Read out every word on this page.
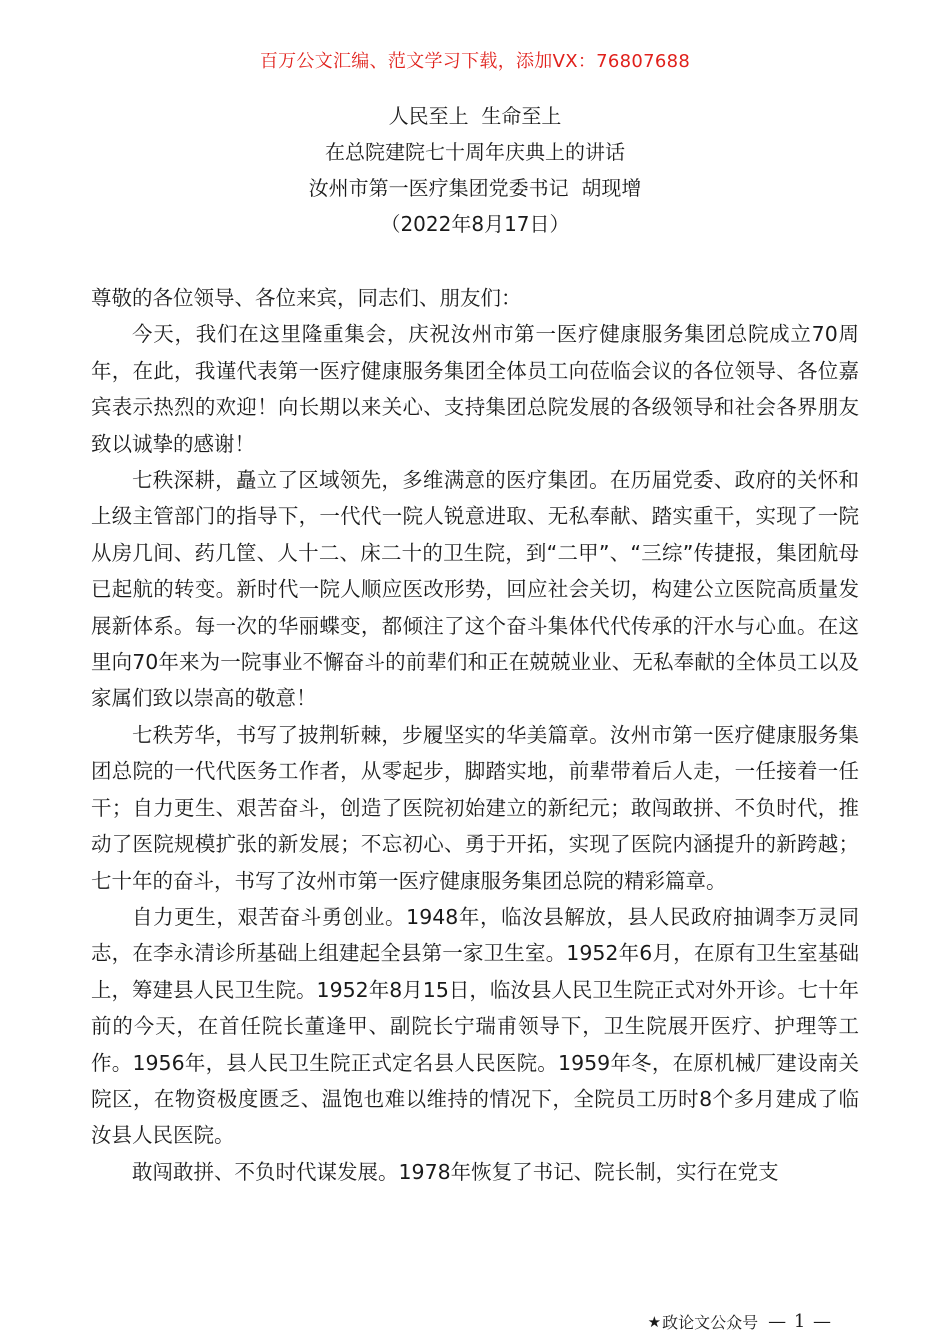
百万公文汇编、范文学习下载，添加VX：76807688
人民至上  生命至上
在总院建院七十周年庆典上的讲话
汝州市第一医疗集团党委书记  胡现增
（2022年8月17日）

尊敬的各位领导、各位来宾，同志们、朋友们：

今天，我们在这里隆重集会，庆祝汝州市第一医疗健康服务集团总院成立70周年，在此，我谨代表第一医疗健康服务集团全体员工向莅临会议的各位领导、各位嘉宾表示热烈的欢迎！向长期以来关心、支持集团总院发展的各级领导和社会各界朋友致以诚挚的感谢！

七秩深耕，矗立了区域领先，多维满意的医疗集团。在历届党委、政府的关怀和上级主管部门的指导下，一代代一院人锐意进取、无私奉献、踏实重干，实现了一院从房几间、药几筐、人十二、床二十的卫生院，到“二甲”、“三综”传捷报，集团航母已起航的转变。新时代一院人顺应医改形势，回应社会关切，构建公立医院高质量发展新体系。每一次的华丽蝶变，都倾注了这个奋斗集体代代传承的汗水与心血。在这里向70年来为一院事业不懈奋斗的前辈们和正在兢兢业业、无私奉献的全体员工以及家属们致以崇高的敬意！

七秩芳华，书写了披荆斩棘，步履坚实的华美篇章。汝州市第一医疗健康服务集团总院的一代代医务工作者，从零起步，脚踏实地，前辈带着后人走，一任接着一任干；自力更生、艰苦奋斗，创造了医院初始建立的新纪元；敢闯敢拼、不负时代，推动了医院规模扩张的新发展；不忘初心、勇于开拓，实现了医院内涵提升的新跨越；七十年的奋斗，书写了汝州市第一医疗健康服务集团总院的精彩篇章。

自力更生，艰苦奋斗勇创业。1948年，临汝县解放，县人民政府抽调李万灵同志，在李永清诊所基础上组建起全县第一家卫生室。1952年6月，在原有卫生室基础上，筹建县人民卫生院。1952年8月15日，临汝县人民卫生院正式对外开诊。七十年前的今天，在首任院长董逢甲、副院长宁瑞甫领导下，卫生院展开医疗、护理等工作。1956年，县人民卫生院正式定名县人民医院。1959年冬，在原机械厂建设南关院区，在物资极度匮乏、温饱也难以维持的情况下，全院员工历时8个多月建成了临汝县人民医院。

敢闯敢拼、不负时代谋发展。1978年恢复了书记、院长制，实行在党支

★ 政论文公众号 — 1 —
